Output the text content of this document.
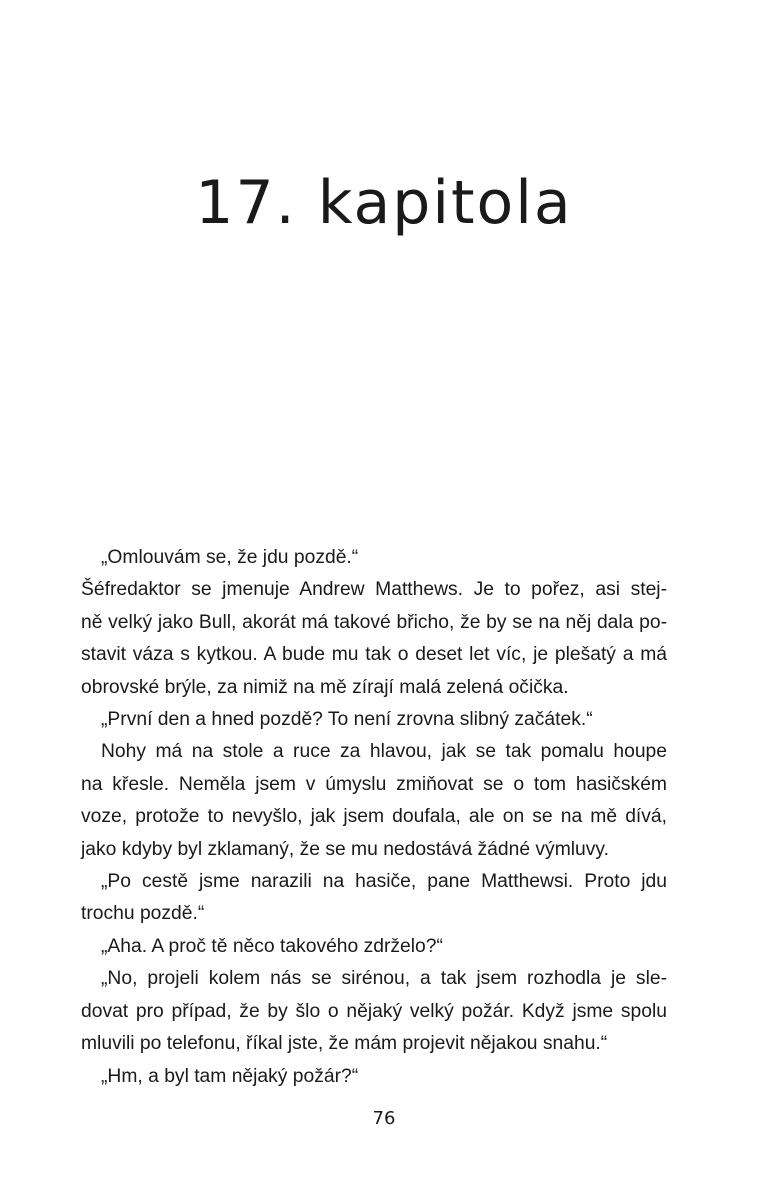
17. kapitola
„Omlouvám se, že jdu pozdě.“
Šéfredaktor se jmenuje Andrew Matthews. Je to pořez, asi stej-
ně velký jako Bull, akorát má takové břicho, že by se na něj dala po-
stavit váza s kytkou. A bude mu tak o deset let víc, je plešatý a má
obrovské brýle, za nimiž na mě zírají malá zelená očička.
„První den a hned pozdě? To není zrovna slibný začátek.“
Nohy má na stole a ruce za hlavou, jak se tak pomalu houpe
na křesle. Neměla jsem v úmyslu zmiňovat se o tom hasičském
voze, protože to nevyšlo, jak jsem doufala, ale on se na mě dívá,
jako kdyby byl zklamaný, že se mu nedostává žádné výmluvy.
„Po cestě jsme narazili na hasiče, pane Matthewsi. Proto jdu
trochu pozdě.“
„Aha. A proč tě něco takového zdrželo?“
„No, projeli kolem nás se sirénou, a tak jsem rozhodla je sle-
dovat pro případ, že by šlo o nějaký velký požár. Když jsme spolu
mluvili po telefonu, říkal jste, že mám projevit nějakou snahu.“
„Hm, a byl tam nějaký požár?“
76
